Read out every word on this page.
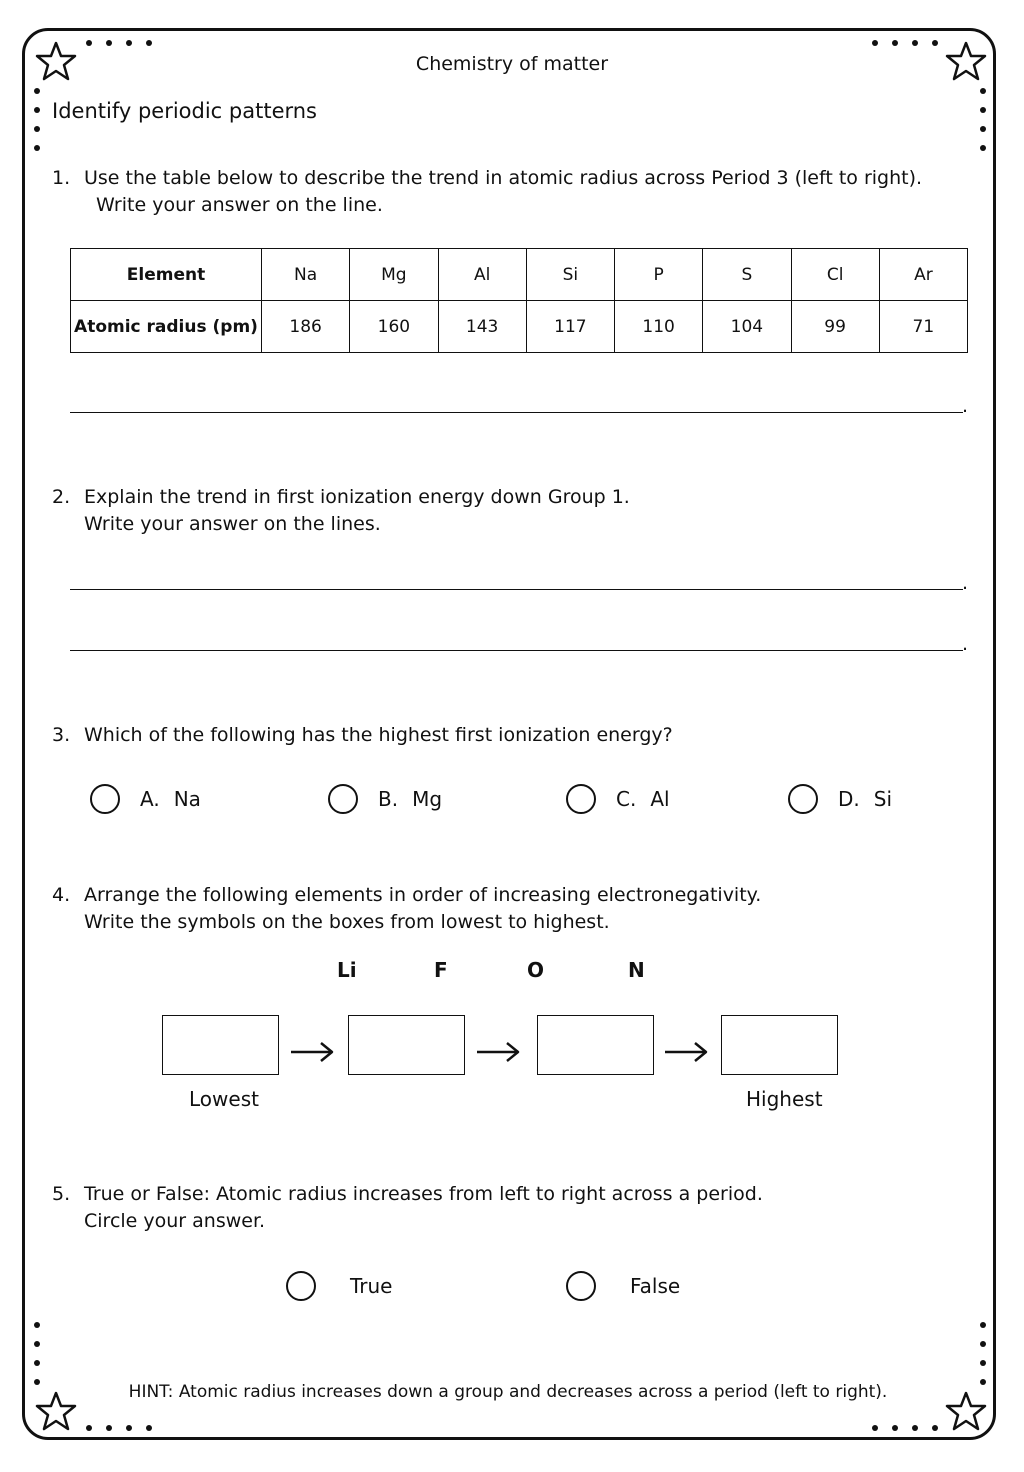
Chemistry of matter
Identify periodic patterns
1. Use the table below to describe the trend in atomic radius across Period 3 (left to right).
Write your answer on the line.
Element	Na	Mg	Al	Si	P	S	Cl	Ar
Atomic radius (pm)	186	160	143	117	110	104	99	71
.
2. Explain the trend in first ionization energy down Group 1.
Write your answer on the lines.
.
.
3. Which of the following has the highest first ionization energy?
A. Na	B. Mg	C. Al	D. Si
4. Arrange the following elements in order of increasing electronegativity.
Write the symbols on the boxes from lowest to highest.
Li	F	O	N
Lowest	Highest
5. True or False: Atomic radius increases from left to right across a period.
Circle your answer.
True	False
HINT: Atomic radius increases down a group and decreases across a period (left to right).
